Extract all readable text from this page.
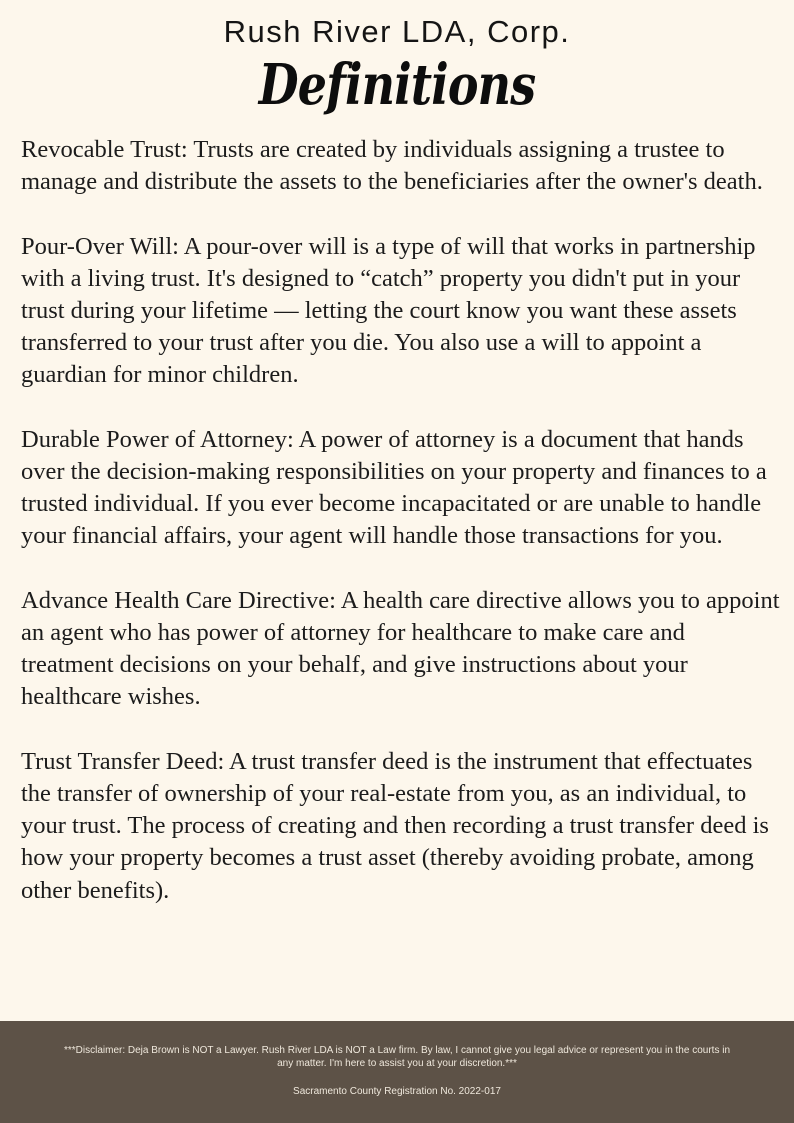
Rush River LDA, Corp.
Definitions

Revocable Trust: Trusts are created by individuals assigning a trustee to manage and distribute the assets to the beneficiaries after the owner's death.

Pour-Over Will: A pour-over will is a type of will that works in partnership with a living trust. It's designed to “catch” property you didn't put in your trust during your lifetime — letting the court know you want these assets transferred to your trust after you die. You also use a will to appoint a guardian for minor children.

Durable Power of Attorney: A power of attorney is a document that hands over the decision-making responsibilities on your property and finances to a trusted individual. If you ever become incapacitated or are unable to handle your financial affairs, your agent will handle those transactions for you.

Advance Health Care Directive: A health care directive allows you to appoint an agent who has power of attorney for healthcare to make care and treatment decisions on your behalf, and give instructions about your healthcare wishes.

Trust Transfer Deed: A trust transfer deed is the instrument that effectuates the transfer of ownership of your real-estate from you, as an individual, to your trust. The process of creating and then recording a trust transfer deed is how your property becomes a trust asset (thereby avoiding probate, among other benefits).

***Disclaimer: Deja Brown is NOT a Lawyer. Rush River LDA is NOT a Law firm. By law, I cannot give you legal advice or represent you in the courts in any matter. I'm here to assist you at your discretion.***
Sacramento County Registration No. 2022-017
